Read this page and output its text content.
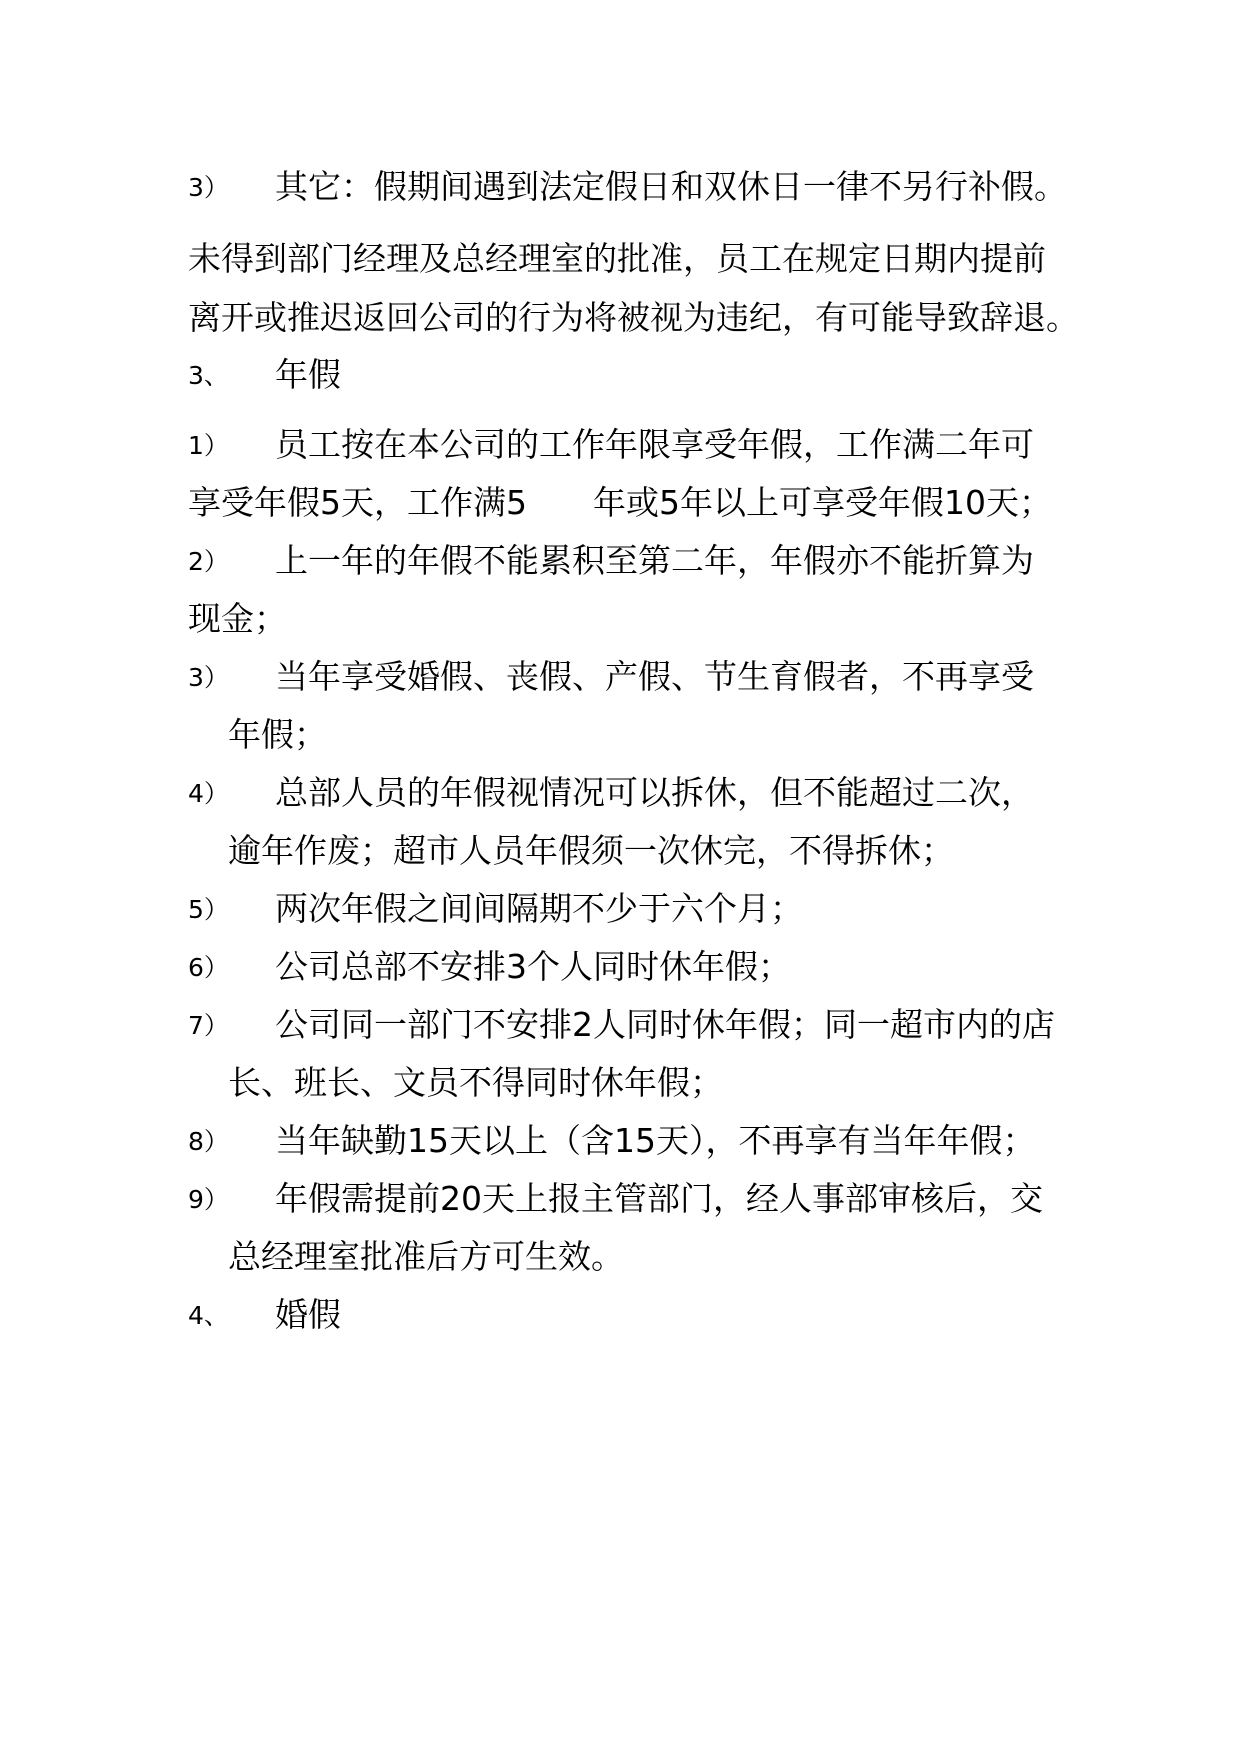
3） 其它：假期间遇到法定假日和双休日一律不另行补假。
未得到部门经理及总经理室的批准，员工在规定日期内提前
离开或推迟返回公司的行为将被视为违纪，有可能导致辞退。
3、 年假
1） 员工按在本公司的工作年限享受年假，工作满二年可
享受年假5天，工作满5　　年或5年以上可享受年假10天；
2） 上一年的年假不能累积至第二年，年假亦不能折算为
现金；
3） 当年享受婚假、丧假、产假、节生育假者，不再享受
年假；
4） 总部人员的年假视情况可以拆休，但不能超过二次，
逾年作废；超市人员年假须一次休完，不得拆休；
5） 两次年假之间间隔期不少于六个月；
6） 公司总部不安排3个人同时休年假；
7） 公司同一部门不安排2人同时休年假；同一超市内的店
长、班长、文员不得同时休年假；
8） 当年缺勤15天以上（含15天），不再享有当年年假；
9） 年假需提前20天上报主管部门，经人事部审核后，交
总经理室批准后方可生效。
4、 婚假
